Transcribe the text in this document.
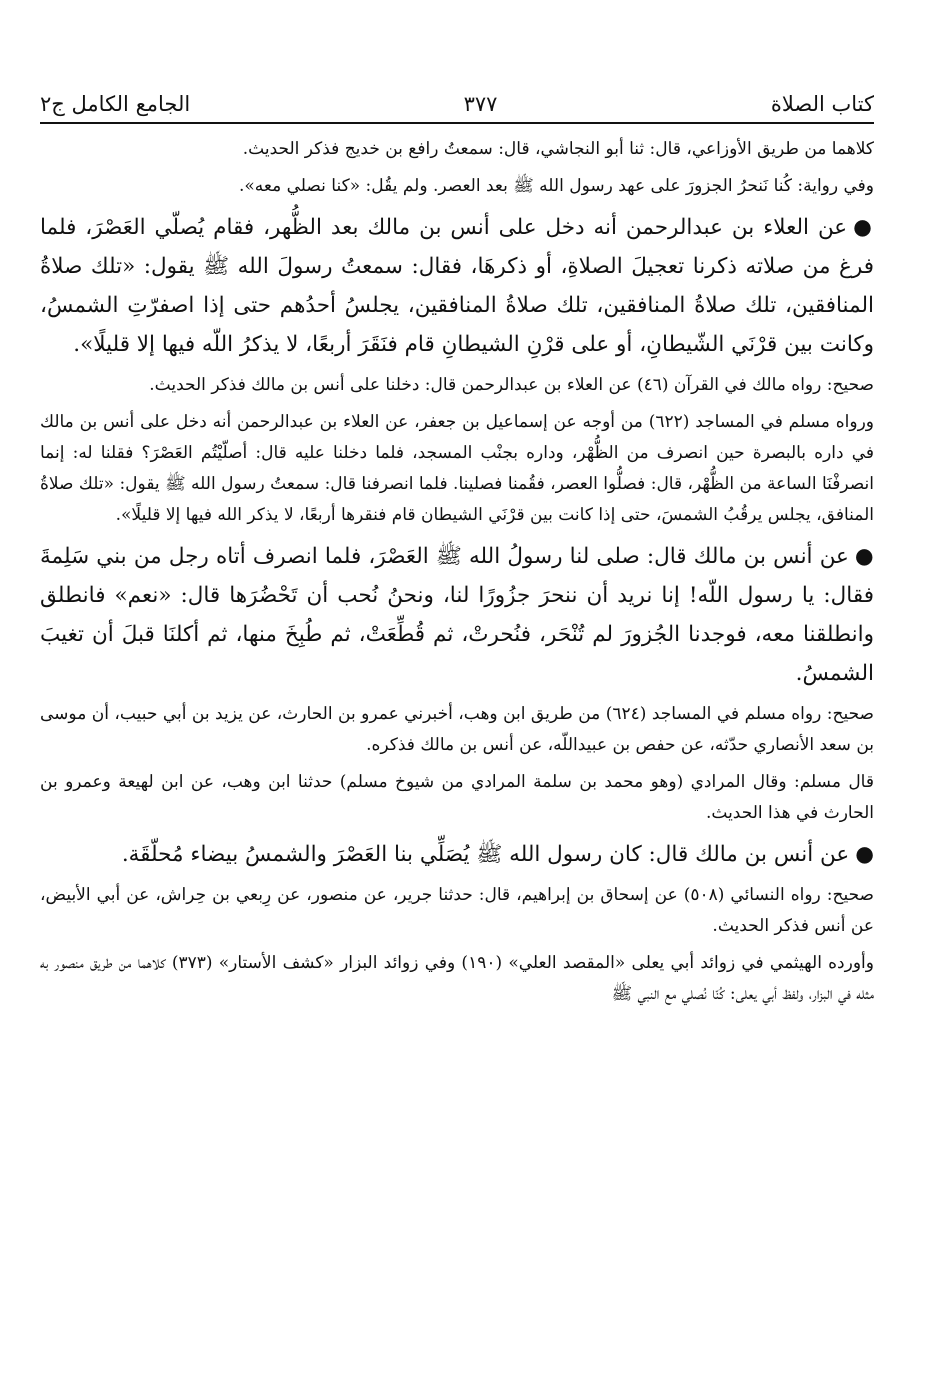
كتاب الصلاة
٣٧٧
الجامع الكامل ج٢

كلاهما من طريق الأوزاعي، قال: ثنا أبو النجاشي، قال: سمعتُ رافع بن خديج فذكر الحديث.

وفي رواية: كُنا نَنحرُ الجزورَ على عهد رسول الله ﷺ بعد العصر. ولم يقُل: «كنا نصلي معه».

●عن العلاء بن عبدالرحمن أنه دخل على أنس بن مالك بعد الظُّهر، فقام يُصلّي العَصْرَ، فلما فرغ من صلاته ذكرنا تعجيلَ الصلاةِ، أو ذكرهَا، فقال: سمعتُ رسولَ الله ﷺ يقول: «تلك صلاةُ المنافقين، تلك صلاةُ المنافقين، تلك صلاةُ المنافقين، يجلسُ أحدُهم حتى إذا اصفرّتِ الشمسُ، وكانت بين قرْنَي الشّيطانِ، أو على قرْنِ الشيطانِ قام فنَقَرَ أربعًا، لا يذكرُ اللّه فيها إلا قليلًا».

صحيح: رواه مالك في القرآن (٤٦) عن العلاء بن عبدالرحمن قال: دخلنا على أنس بن مالك فذكر الحديث.

ورواه مسلم في المساجد (٦٢٢) من أوجه عن إسماعيل بن جعفر، عن العلاء بن عبدالرحمن أنه دخل على أنس بن مالك في داره بالبصرة حين انصرف من الظُّهْر، وداره بجنْب المسجد، فلما دخلنا عليه قال: أصلّيْتُم العَصْرَ؟ فقلنا له: إنما انصرفْنَا الساعة من الظُّهْر، قال: فصلُّوا العصر، فقُمنا فصلينا. فلما انصرفنا قال: سمعتُ رسول الله ﷺ يقول: «تلك صلاةُ المنافق، يجلس يرقُبُ الشمسَ، حتى إذا كانت بين قرْنَي الشيطان قام فنقرها أربعًا، لا يذكر الله فيها إلا قليلًا».

●عن أنس بن مالك قال: صلى لنا رسولُ الله ﷺ العَصْرَ، فلما انصرف أتاه رجل من بني سَلِمةَ فقال: يا رسول اللّه! إنا نريد أن ننحرَ جزُورًا لنا، ونحنُ نُحب أن تَحْضُرَها قال: «نعم» فانطلق وانطلقنا معه، فوجدنا الجُزورَ لم تُنْحَر، فنُحرتْ، ثم قُطِّعَتْ، ثم طُبِخَ منها، ثم أكلنَا قبلَ أن تغيبَ الشمسُ.

صحيح: رواه مسلم في المساجد (٦٢٤) من طريق ابن وهب، أخبرني عمرو بن الحارث، عن يزيد بن أبي حبيب، أن موسى بن سعد الأنصاري حدّثه، عن حفص بن عبيداللّه، عن أنس بن مالك فذكره.

قال مسلم: وقال المرادي (وهو محمد بن سلمة المرادي من شيوخ مسلم) حدثنا ابن وهب، عن ابن لهيعة وعمرو بن الحارث في هذا الحديث.

●عن أنس بن مالك قال: كان رسول الله ﷺ يُصَلِّي بنا العَصْرَ والشمسُ بيضاء مُحلّقَة.

صحيح: رواه النسائي (٥٠٨) عن إسحاق بن إبراهيم، قال: حدثنا جرير، عن منصور، عن رِبعي بن حِراش، عن أبي الأبيض، عن أنس فذكر الحديث.

وأورده الهيثمي في زوائد أبي يعلى «المقصد العلي» (١٩٠) وفي زوائد البزار «كشف الأستار» (٣٧٣) كلاهما من طريق منصور به مثله في البزار، ولفظ أبي يعلى: كُنّا نُصلي مع النبي ﷺ
